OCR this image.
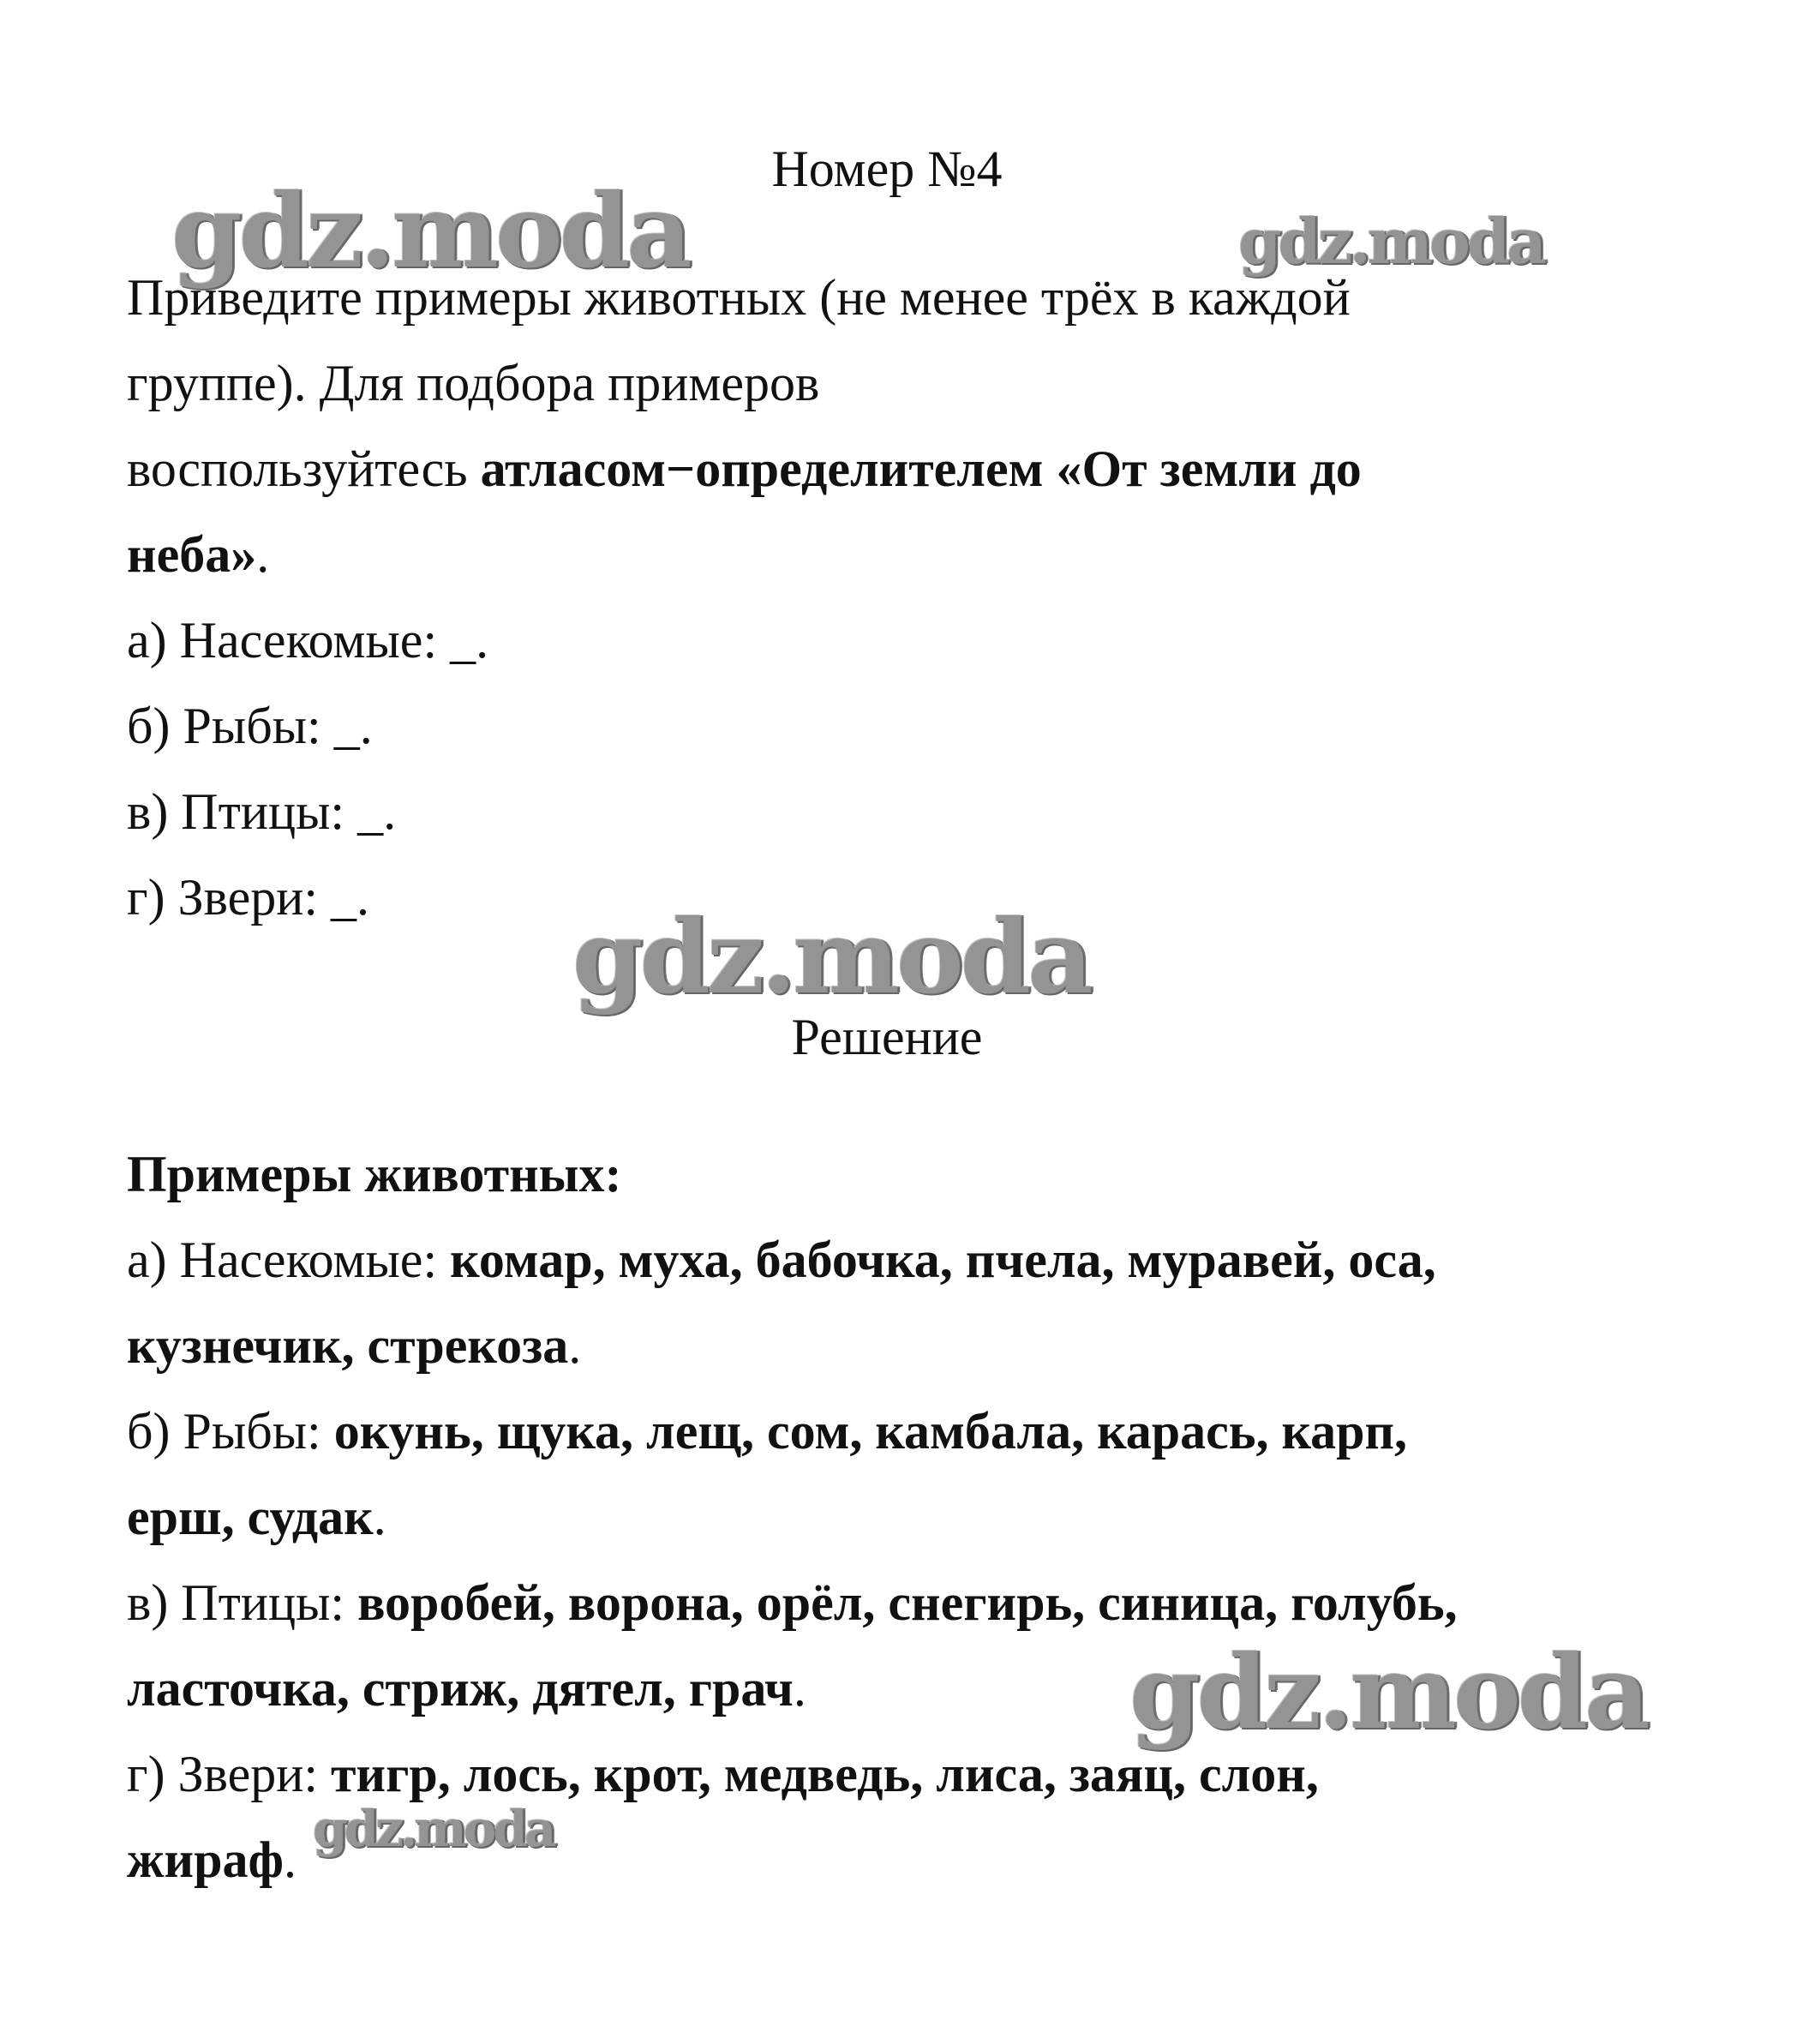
Номер №4

Приведите примеры животных (не менее трёх в каждой

группе). Для подбора примеров

воспользуйтесь атласом−определителем «От земли до

неба».

а) Насекомые: _.

б) Рыбы: _.

в) Птицы: _.

г) Звери: _.

Решение

Примеры животных:

а) Насекомые: комар, муха, бабочка, пчела, муравей, оса,

кузнечик, стрекоза.

б) Рыбы: окунь, щука, лещ, сом, камбала, карась, карп,

ерш, судак.

в) Птицы: воробей, ворона, орёл, снегирь, синица, голубь,

ласточка, стриж, дятел, грач.

г) Звери: тигр, лось, крот, медведь, лиса, заяц, слон,

жираф.

gdz.moda	gdz.moda
gdz.moda
gdz.moda
gdz.moda
